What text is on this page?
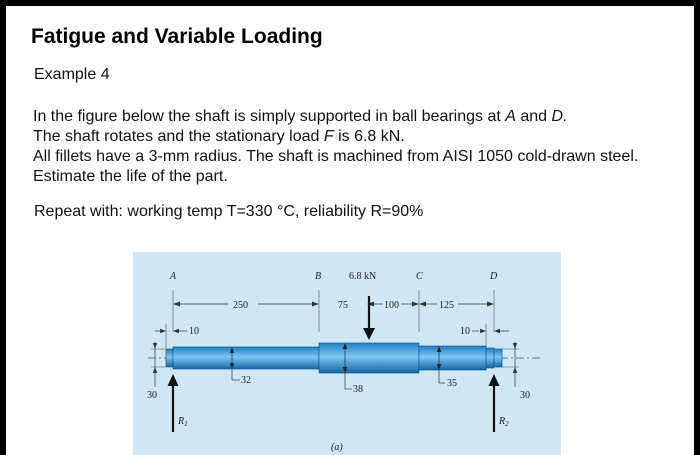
Fatigue and Variable Loading
Example 4

In the figure below the shaft is simply supported in ball bearings at A and D.
The shaft rotates and the stationary load F is 6.8 kN.
All fillets have a 3-mm radius. The shaft is machined from AISI 1050 cold-drawn steel. Estimate the life of the part.

Repeat with: working temp T=330 °C, reliability R=90%
A	B	C	D
6.8 kN
250	75	100	125
10	10
32
38
35
30	30
$R_1$	$R_2$
(a)
